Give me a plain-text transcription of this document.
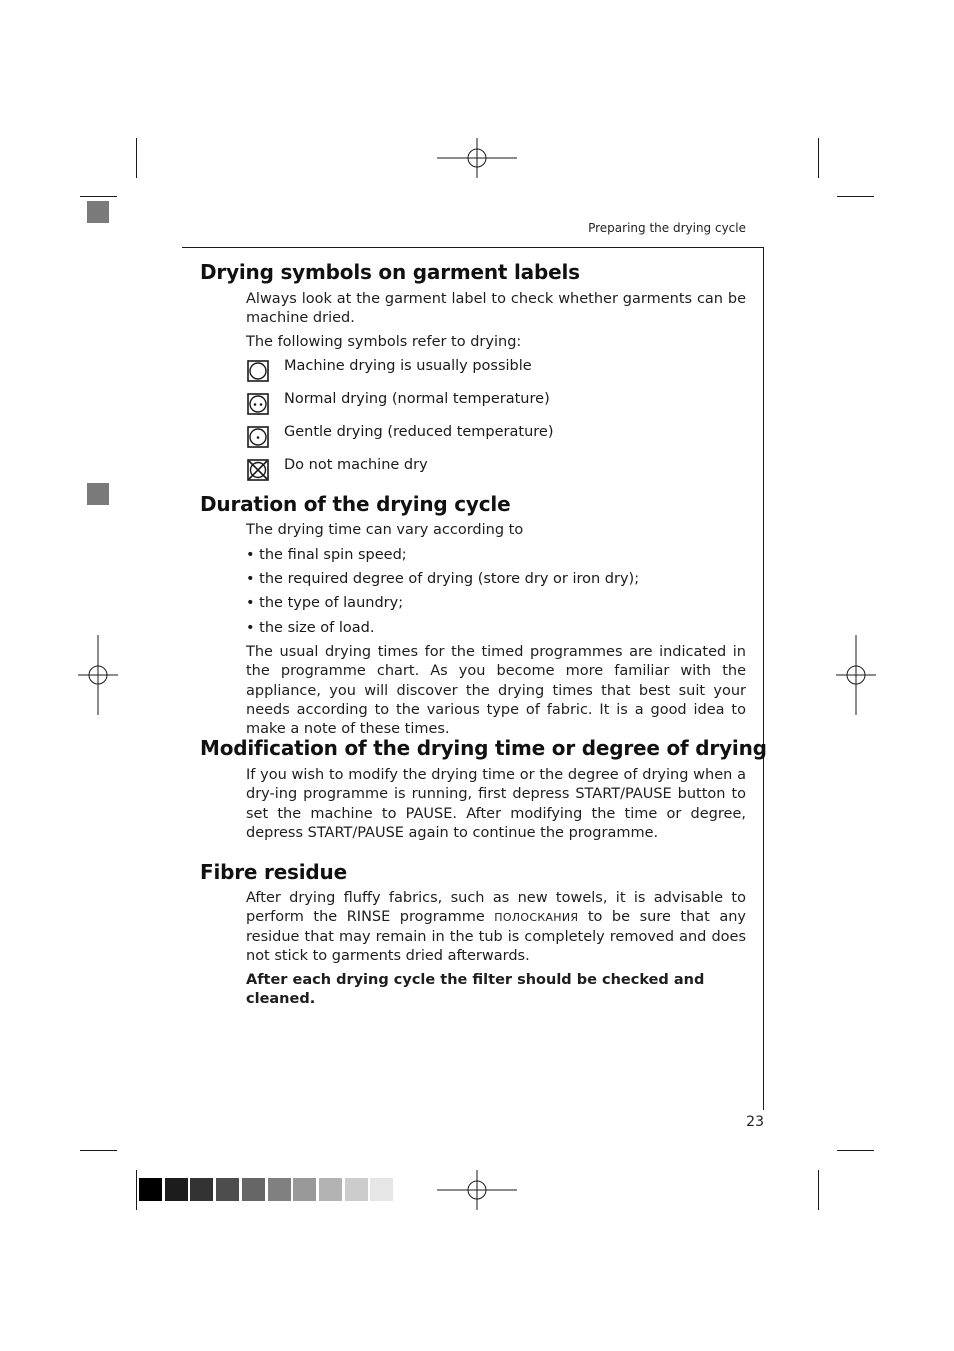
Preparing the drying cycle
Drying symbols on garment labels

Always look at the garment label to check whether garments can be machine dried.

The following symbols refer to drying:

Machine drying is usually possible
Normal drying (normal temperature)
Gentle drying (reduced temperature)
Do not machine dry
Duration of the drying cycle

The drying time can vary according to

• the final spin speed;
• the required degree of drying (store dry or iron dry);
• the type of laundry;
• the size of load.

The usual drying times for the timed programmes are indicated in the programme chart. As you become more familiar with the appliance, you will discover the drying times that best suit your needs according to the various type of fabric. It is a good idea to make a note of these times.

Modification of the drying time or degree of drying

If you wish to modify the drying time or the degree of drying when a dry-ing programme is running, first depress START/PAUSE button to set the machine to PAUSE. After modifying the time or degree, depress START/PAUSE again to continue the programme.

Fibre residue

After drying fluffy fabrics, such as new towels, it is advisable to perform the RINSE programme ПОЛОСКАНИЯ to be sure that any residue that may remain in the tub is completely removed and does not stick to garments dried afterwards.

After each drying cycle the filter should be checked and cleaned.

23
